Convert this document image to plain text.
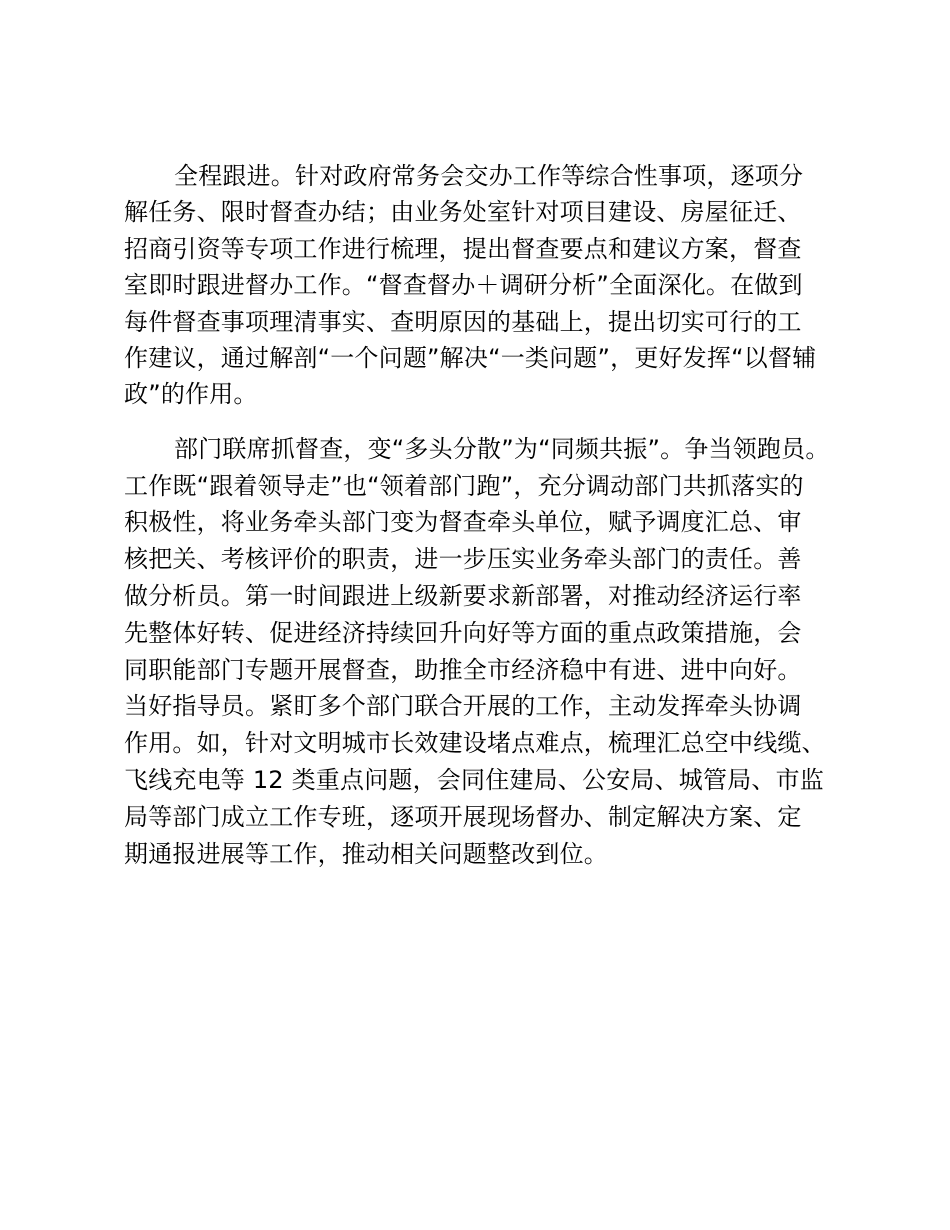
全程跟进。针对政府常务会交办工作等综合性事项，逐项分
解任务、限时督查办结；由业务处室针对项目建设、房屋征迁、
招商引资等专项工作进行梳理，提出督查要点和建议方案，督查
室即时跟进督办工作。“督查督办＋调研分析”全面深化。在做到
每件督查事项理清事实、查明原因的基础上，提出切实可行的工
作建议，通过解剖“一个问题”解决“一类问题”，更好发挥“以督辅
政”的作用。
部门联席抓督查，变“多头分散”为“同频共振”。争当领跑员。
工作既“跟着领导走”也“领着部门跑”，充分调动部门共抓落实的
积极性，将业务牵头部门变为督查牵头单位，赋予调度汇总、审
核把关、考核评价的职责，进一步压实业务牵头部门的责任。善
做分析员。第一时间跟进上级新要求新部署，对推动经济运行率
先整体好转、促进经济持续回升向好等方面的重点政策措施，会
同职能部门专题开展督查，助推全市经济稳中有进、进中向好。
当好指导员。紧盯多个部门联合开展的工作，主动发挥牵头协调
作用。如，针对文明城市长效建设堵点难点，梳理汇总空中线缆、
飞线充电等 12 类重点问题，会同住建局、公安局、城管局、市监
局等部门成立工作专班，逐项开展现场督办、制定解决方案、定
期通报进展等工作，推动相关问题整改到位。
